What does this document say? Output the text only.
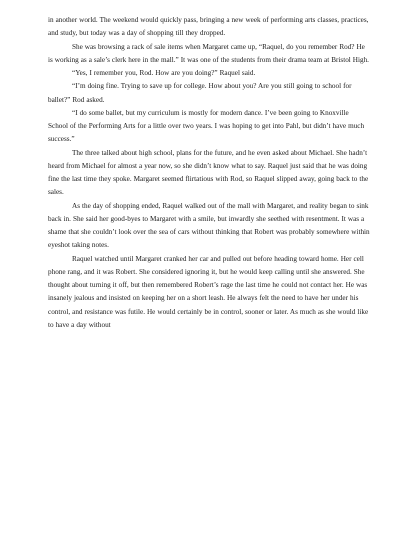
in another world. The weekend would quickly pass, bringing a new week of performing arts classes, practices, and study, but today was a day of shopping till they dropped.

She was browsing a rack of sale items when Margaret came up, “Raquel, do you remember Rod? He is working as a sale’s clerk here in the mall.” It was one of the students from their drama team at Bristol High.

“Yes, I remember you, Rod. How are you doing?” Raquel said.

“I’m doing fine. Trying to save up for college. How about you? Are you still going to school for ballet?” Rod asked.

“I do some ballet, but my curriculum is mostly for modern dance. I’ve been going to Knoxville School of the Performing Arts for a little over two years. I was hoping to get into Pahl, but didn’t have much success.”

The three talked about high school, plans for the future, and he even asked about Michael. She hadn’t heard from Michael for almost a year now, so she didn’t know what to say. Raquel just said that he was doing fine the last time they spoke. Margaret seemed flirtatious with Rod, so Raquel slipped away, going back to the sales.

As the day of shopping ended, Raquel walked out of the mall with Margaret, and reality began to sink back in. She said her good-byes to Margaret with a smile, but inwardly she seethed with resentment. It was a shame that she couldn’t look over the sea of cars without thinking that Robert was probably somewhere within eyeshot taking notes.

Raquel watched until Margaret cranked her car and pulled out before heading toward home. Her cell phone rang, and it was Robert. She considered ignoring it, but he would keep calling until she answered. She thought about turning it off, but then remembered Robert’s rage the last time he could not contact her. He was insanely jealous and insisted on keeping her on a short leash. He always felt the need to have her under his control, and resistance was futile. He would certainly be in control, sooner or later. As much as she would like to have a day without
